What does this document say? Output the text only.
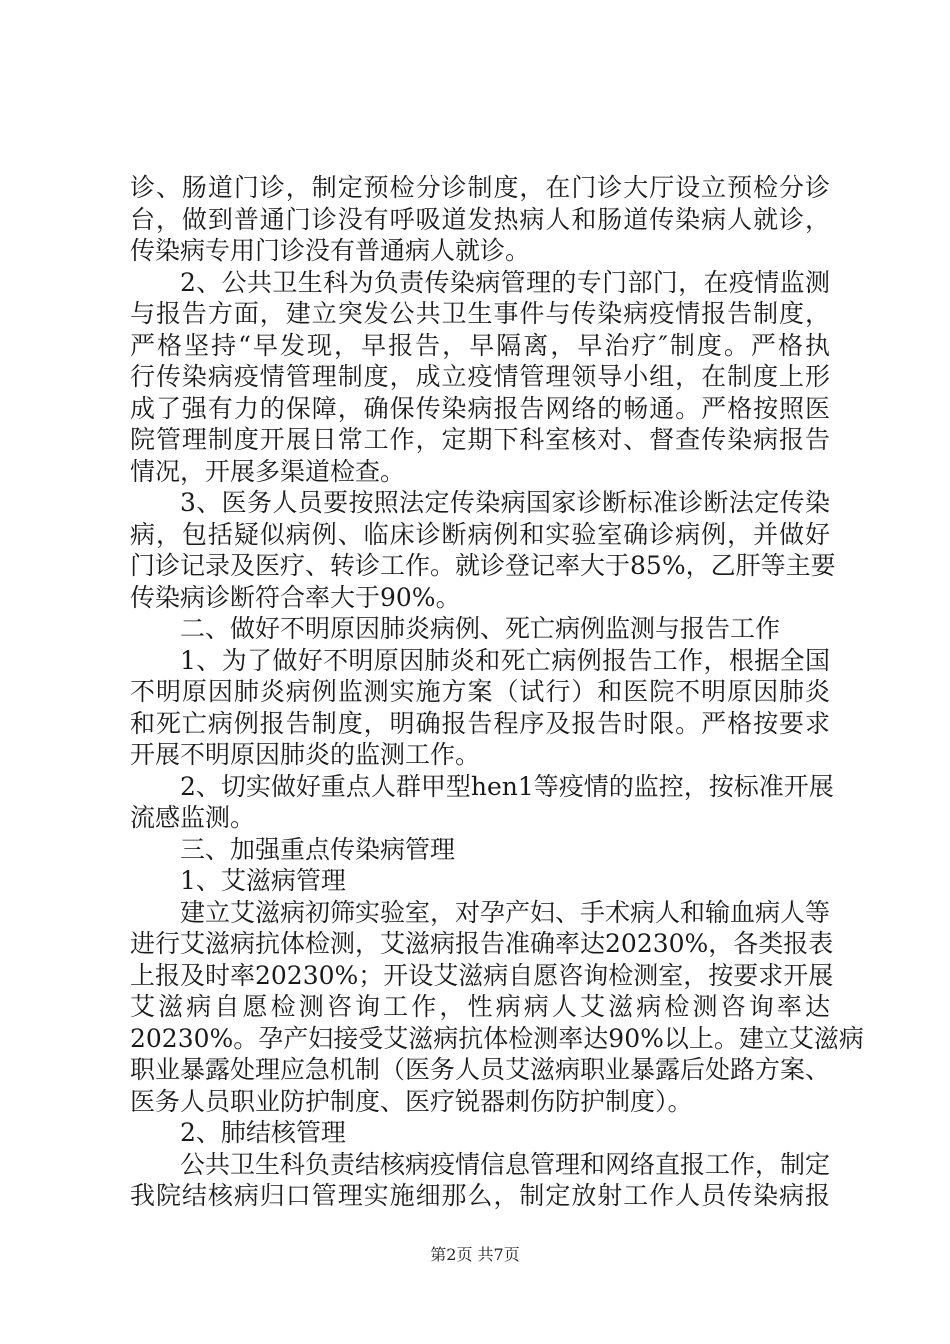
诊、肠道门诊，制定预检分诊制度，在门诊大厅设立预检分诊
台，做到普通门诊没有呼吸道发热病人和肠道传染病人就诊，
传染病专用门诊没有普通病人就诊。
2、公共卫生科为负责传染病管理的专门部门，在疫情监测
与报告方面，建立突发公共卫生事件与传染病疫情报告制度，
严格坚持“早发现，早报告，早隔离，早治疗″制度。严格执
行传染病疫情管理制度，成立疫情管理领导小组，在制度上形
成了强有力的保障，确保传染病报告网络的畅通。严格按照医
院管理制度开展日常工作，定期下科室核对、督查传染病报告
情况，开展多渠道检查。
3、医务人员要按照法定传染病国家诊断标准诊断法定传染
病，包括疑似病例、临床诊断病例和实验室确诊病例，并做好
门诊记录及医疗、转诊工作。就诊登记率大于85%，乙肝等主要
传染病诊断符合率大于90%。
二、做好不明原因肺炎病例、死亡病例监测与报告工作
1、为了做好不明原因肺炎和死亡病例报告工作，根据全国
不明原因肺炎病例监测实施方案（试行）和医院不明原因肺炎
和死亡病例报告制度，明确报告程序及报告时限。严格按要求
开展不明原因肺炎的监测工作。
2、切实做好重点人群甲型hen1等疫情的监控，按标准开展
流感监测。
三、加强重点传染病管理
1、艾滋病管理
建立艾滋病初筛实验室，对孕产妇、手术病人和输血病人等
进行艾滋病抗体检测，艾滋病报告准确率达20230%，各类报表
上报及时率20230%；开设艾滋病自愿咨询检测室，按要求开展
艾滋病自愿检测咨询工作，性病病人艾滋病检测咨询率达
20230%。孕产妇接受艾滋病抗体检测率达90%以上。建立艾滋病
职业暴露处理应急机制（医务人员艾滋病职业暴露后处路方案、
医务人员职业防护制度、医疗锐器刺伤防护制度）。
2、肺结核管理
公共卫生科负责结核病疫情信息管理和网络直报工作，制定
我院结核病归口管理实施细那么，制定放射工作人员传染病报
第2页 共7页
